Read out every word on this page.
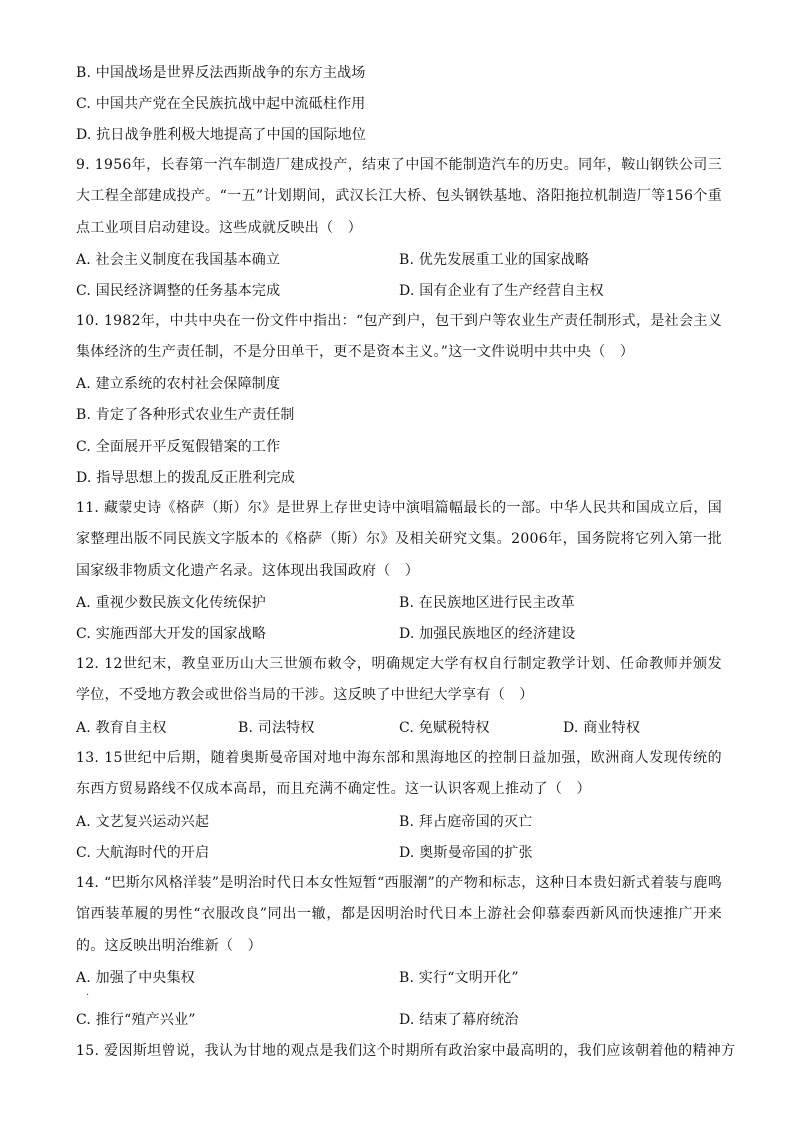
B. 中国战场是世界反法西斯战争的东方主战场
C. 中国共产党在全民族抗战中起中流砥柱作用
D. 抗日战争胜利极大地提高了中国的国际地位
9. 1956年，长春第一汽车制造厂建成投产，结束了中国不能制造汽车的历史。同年，鞍山钢铁公司三大工程全部建成投产。“一五”计划期间，武汉长江大桥、包头钢铁基地、洛阳拖拉机制造厂等156个重点工业项目启动建设。这些成就反映出（　）
A. 社会主义制度在我国基本确立	B. 优先发展重工业的国家战略
C. 国民经济调整的任务基本完成	D. 国有企业有了生产经营自主权
10. 1982年，中共中央在一份文件中指出：“包产到户，包干到户等农业生产责任制形式，是社会主义集体经济的生产责任制，不是分田单干，更不是资本主义。”这一文件说明中共中央（　）
A. 建立系统的农村社会保障制度
B. 肯定了各种形式农业生产责任制
C. 全面展开平反冤假错案的工作
D. 指导思想上的拨乱反正胜利完成
11. 藏蒙史诗《格萨（斯）尔》是世界上存世史诗中演唱篇幅最长的一部。中华人民共和国成立后，国家整理出版不同民族文字版本的《格萨（斯）尔》及相关研究文集。2006年，国务院将它列入第一批国家级非物质文化遗产名录。这体现出我国政府（　）
A. 重视少数民族文化传统保护	B. 在民族地区进行民主改革
C. 实施西部大开发的国家战略	D. 加强民族地区的经济建设
12. 12世纪末，教皇亚历山大三世颁布敕令，明确规定大学有权自行制定教学计划、任命教师并颁发学位，不受地方教会或世俗当局的干涉。这反映了中世纪大学享有（　）
A. 教育自主权	B. 司法特权	C. 免赋税特权	D. 商业特权
13. 15世纪中后期，随着奥斯曼帝国对地中海东部和黑海地区的控制日益加强，欧洲商人发现传统的东西方贸易路线不仅成本高昂，而且充满不确定性。这一认识客观上推动了（　）
A. 文艺复兴运动兴起	B. 拜占庭帝国的灭亡
C. 大航海时代的开启	D. 奥斯曼帝国的扩张
14. “巴斯尔风格洋装”是明治时代日本女性短暂“西服潮”的产物和标志，这种日本贵妇新式着装与鹿鸣馆西装革履的男性“衣服改良”同出一辙，都是因明治时代日本上游社会仰慕泰西新风而快速推广开来的。这反映出明治维新（　）
A. 加强了中央集权	B. 实行“文明开化”
·
C. 推行“殖产兴业”	D. 结束了幕府统治
15. 爱因斯坦曾说，我认为甘地的观点是我们这个时期所有政治家中最高明的，我们应该朝着他的精神方
